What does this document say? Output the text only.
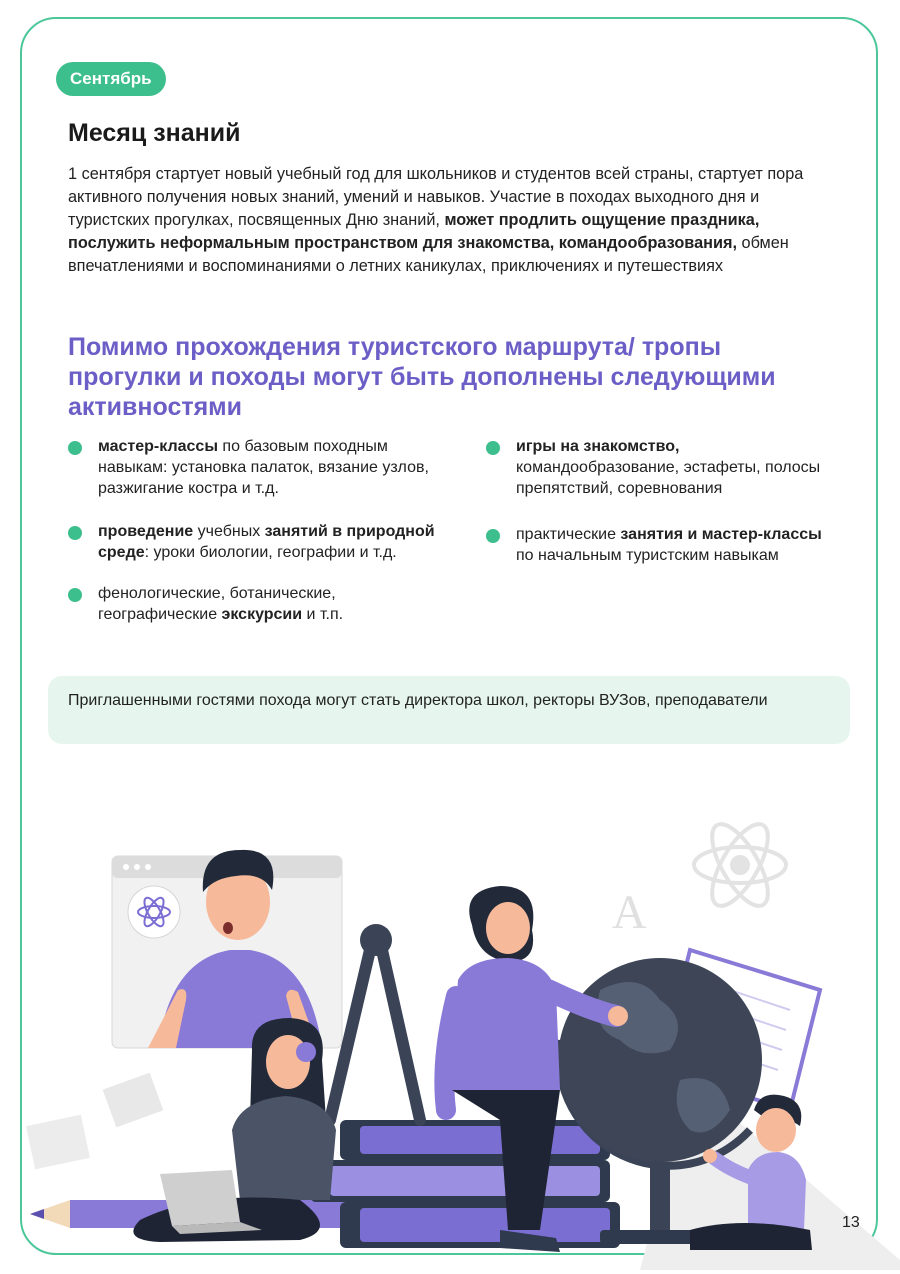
Сентябрь
Месяц знаний

1 сентября стартует новый учебный год для школьников и студентов всей страны, стартует пора активного получения новых знаний, умений и навыков. Участие в походах выходного дня и туристских прогулках, посвященных Дню знаний, может продлить ощущение праздника, послужить неформальным пространством для знакомства, командообразования, обмен впечатлениями и воспоминаниями о летних каникулах, приключениях и путешествиях

Помимо прохождения туристского маршрута/ тропы прогулки и походы могут быть дополнены следующими активностями
мастер-классы по базовым походным навыкам: установка палаток, вязание узлов, разжигание костра и т.д.
проведение учебных занятий в природной среде: уроки биологии, географии и т.д.
фенологические, ботанические, географические экскурсии и т.п.
игры на знакомство, командообразование, эстафеты, полосы препятствий, соревнования
практические занятия и мастер-классы по начальным туристским навыкам
Приглашенными гостями похода могут стать директора школ, ректоры ВУЗов, преподаватели
A
13
